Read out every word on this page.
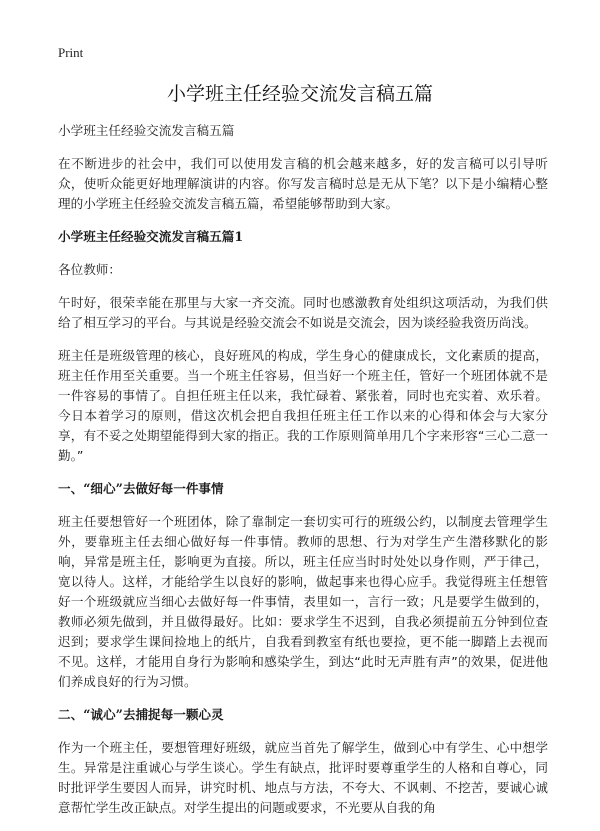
Print
小学班主任经验交流发言稿五篇

小学班主任经验交流发言稿五篇

在不断进步的社会中，我们可以使用发言稿的机会越来越多，好的发言稿可以引导听众，使听众能更好地理解演讲的内容。你写发言稿时总是无从下笔？以下是小编精心整理的小学班主任经验交流发言稿五篇，希望能够帮助到大家。

小学班主任经验交流发言稿五篇1

各位教师：

午时好，很荣幸能在那里与大家一齐交流。同时也感激教育处组织这项活动，为我们供给了相互学习的平台。与其说是经验交流会不如说是交流会，因为谈经验我资历尚浅。

班主任是班级管理的核心，良好班风的构成，学生身心的健康成长，文化素质的提高，班主任作用至关重要。当一个班主任容易，但当好一个班主任，管好一个班团体就不是一件容易的事情了。自担任班主任以来，我忙碌着、紧张着，同时也充实着、欢乐着。今日本着学习的原则，借这次机会把自我担任班主任工作以来的心得和体会与大家分享，有不妥之处期望能得到大家的指正。我的工作原则简单用几个字来形容“三心二意一勤。”

一、“细心”去做好每一件事情

班主任要想管好一个班团体，除了靠制定一套切实可行的班级公约，以制度去管理学生外，要靠班主任去细心做好每一件事情。教师的思想、行为对学生产生潜移默化的影响，异常是班主任，影响更为直接。所以，班主任应当时时处处以身作则，严于律己，宽以待人。这样，才能给学生以良好的影响，做起事来也得心应手。我觉得班主任想管好一个班级就应当细心去做好每一件事情，表里如一，言行一致；凡是要学生做到的，教师必须先做到，并且做得最好。比如：要求学生不迟到，自我必须提前五分钟到位查迟到；要求学生课间捡地上的纸片，自我看到教室有纸也要捡，更不能一脚踏上去视而不见。这样，才能用自身行为影响和感染学生，到达“此时无声胜有声”的效果，促进他们养成良好的行为习惯。

二、“诚心”去捕捉每一颗心灵

作为一个班主任，要想管理好班级，就应当首先了解学生，做到心中有学生、心中想学生。异常是注重诚心与学生谈心。学生有缺点，批评时要尊重学生的人格和自尊心，同时批评学生要因人而异，讲究时机、地点与方法，不夸大、不讽刺、不挖苦，要诚心诚意帮忙学生改正缺点。对学生提出的问题或要求，不光要从自我的角
